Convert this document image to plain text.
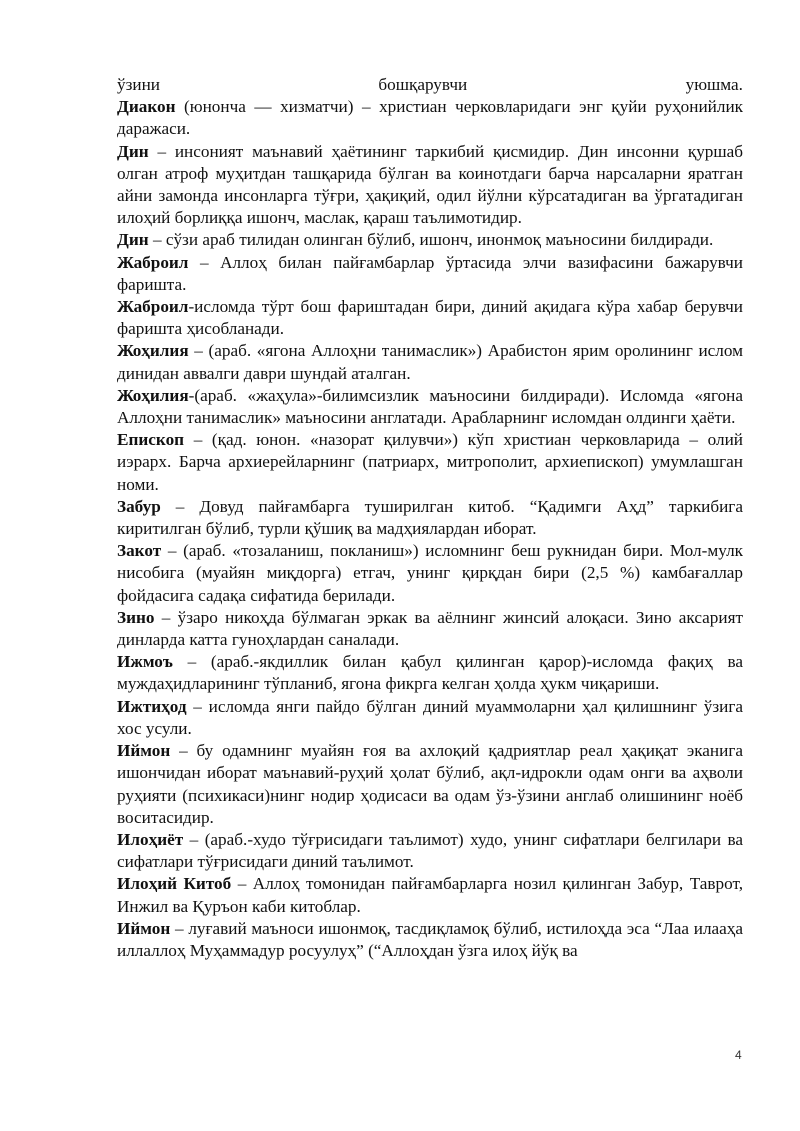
ўзини	бошқарувчи	уюшма.

Диакон (юнонча — хизматчи) – христиан черковларидаги энг қуйи руҳонийлик даражаси.

Дин – инсоният маънавий ҳаётининг таркибий қисмидир. Дин инсонни қуршаб олган атроф муҳитдан ташқарида бўлган ва коинотдаги барча нарсаларни яратган айни замонда инсонларга тўғри, ҳақиқий, одил йўлни кўрсатадиган ва ўргатадиган илоҳий борлиққа ишонч, маслак, қараш таълимотидир.

Дин – сўзи араб тилидан олинган бўлиб, ишонч, инонмоқ маъносини билдиради.

Жаброил – Аллоҳ билан пайғамбарлар ўртасида элчи вазифасини бажарувчи фаришта.

Жаброил-исломда тўрт бош фариштадан бири, диний ақидага кўра хабар берувчи фаришта ҳисобланади.

Жоҳилия – (араб. «ягона Аллоҳни танимаслик») Арабистон ярим оролининг ислом динидан аввалги даври шундай аталган.

Жоҳилия-(араб. «жаҳула»-билимсизлик маъносини билдиради). Исломда «ягона Аллоҳни танимаслик» маъносини англатади. Арабларнинг исломдан олдинги ҳаёти.

Епископ – (қад. юнон. «назорат қилувчи») кўп христиан черковларида – олий иэрарх. Барча архиерейларнинг (патриарх, митрополит, архиепископ) умумлашган номи.

Забур – Довуд пайғамбарга туширилган китоб. “Қадимги Аҳд” таркибига киритилган бўлиб, турли қўшиқ ва мадҳиялардан иборат.

Закот – (араб. «тозаланиш, покланиш») исломнинг беш рукнидан бири. Мол-мулк нисобига (муайян миқдорга) етгач, унинг қирқдан бири (2,5 %) камбағаллар фойдасига садақа сифатида берилади.

Зино – ўзаро никоҳда бўлмаган эркак ва аёлнинг жинсий алоқаси. Зино аксарият динларда катта гуноҳлардан саналади.

Ижмоъ – (араб.-якдиллик билан қабул қилинган қарор)-исломда фақиҳ ва муждаҳидларининг тўпланиб, ягона фикрга келган ҳолда ҳукм чиқариши.

Ижтиҳод – исломда янги пайдо бўлган диний муаммоларни ҳал қилишнинг ўзига хос усули.

Иймон – бу одамнинг муайян ғоя ва ахлоқий қадриятлар реал ҳақиқат эканига ишончидан иборат маънавий-руҳий ҳолат бўлиб, ақл-идрокли одам онги ва аҳволи руҳияти (психикаси)нинг нодир ҳодисаси ва одам ўз-ўзини англаб олишининг ноёб воситасидир.

Илоҳиёт – (араб.-худо тўғрисидаги таълимот) худо, унинг сифатлари белгилари ва сифатлари тўғрисидаги диний таълимот.

Илоҳий Китоб – Аллоҳ томонидан пайғамбарларга нозил қилинган Забур, Таврот, Инжил ва Қуръон каби китоблар.

Иймон – луғавий маъноси ишонмоқ, тасдиқламоқ бўлиб, истилоҳда эса “Лаа илааҳа иллаллоҳ Муҳаммадур росуулуҳ” (“Аллоҳдан ўзга илоҳ йўқ ва

4
